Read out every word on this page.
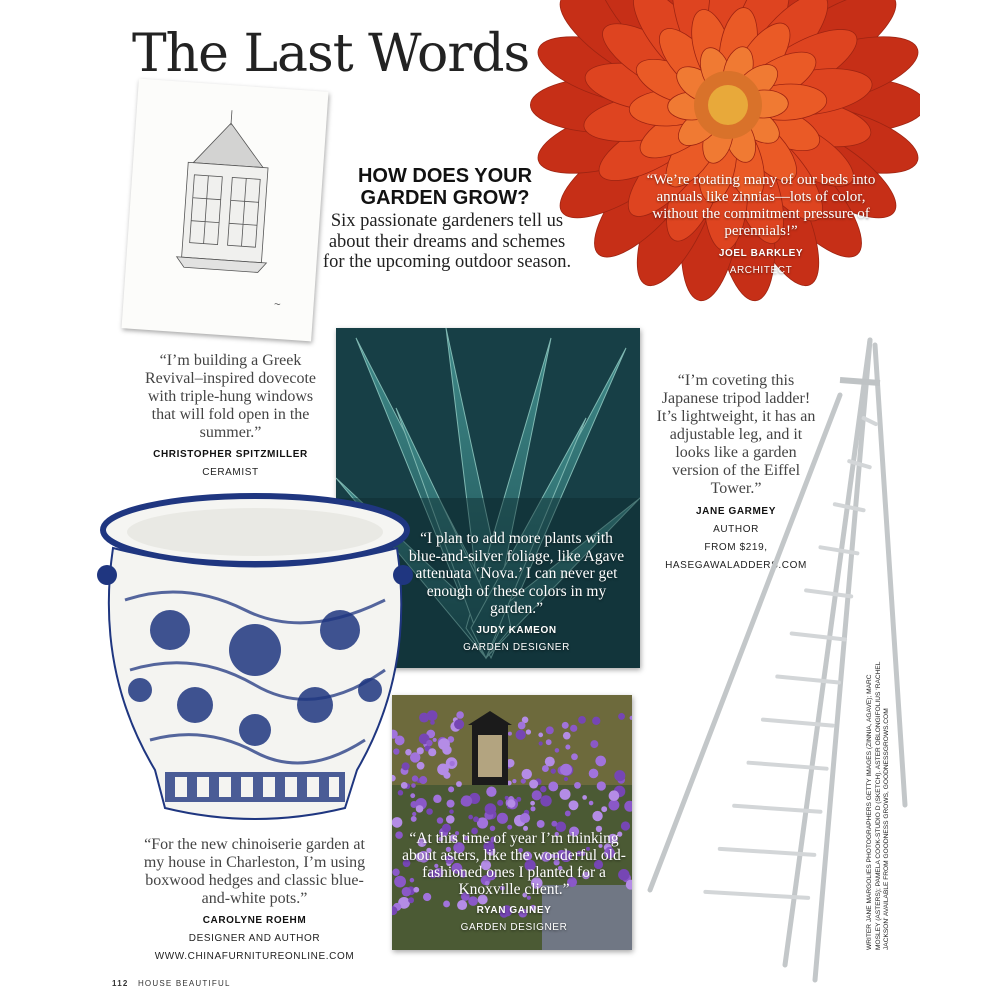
The Last Words
“We’re rotating many of our beds into annuals like zinnias—lots of color, without the commitment pressure of perennials!”
JOEL BARKLEY
ARCHITECT
~
HOW DOES YOUR GARDEN GROW?
Six passionate gardeners tell us about their dreams and schemes for the upcoming outdoor season.
“I’m building a Greek Revival–inspired dovecote with triple-hung windows that will fold open in the summer.”
CHRISTOPHER SPITZMILLER
CERAMIST
“I plan to add more plants with blue-and-silver foliage, like Agave attenuata ‘Nova.’ I can never get enough of these colors in my garden.”
JUDY KAMEON
GARDEN DESIGNER
“I’m coveting this Japanese tripod ladder! It’s lightweight, it has an adjustable leg, and it looks like a garden version of the Eiffel Tower.”
JANE GARMEY
AUTHOR
FROM $219,
HASEGAWALADDERS.COM
“For the new chinoiserie garden at my house in Charleston, I’m using boxwood hedges and classic blue-and-white pots.”
CAROLYNE ROEHM
DESIGNER AND AUTHOR
WWW.CHINAFURNITUREONLINE.COM
“At this time of year I’m thinking about asters, like the wonderful old-fashioned ones I planted for a Knoxville client.”
RYAN GAINEY
GARDEN DESIGNER	WRITER JANE MARGOLIES PHOTOGRAPHERS GETTY IMAGES (ZINNIA, AGAVE); MARC MOSLEY (ASTERS); PAMELA COOK-STUDIO D (SKETCH). ASTER OBLONGIFOLIUS ‘RACHEL JACKSON’ AVAILABLE FROM GOODNESS GROWS, GOODNESSGROWS.COM
112 HOUSE BEAUTIFUL
